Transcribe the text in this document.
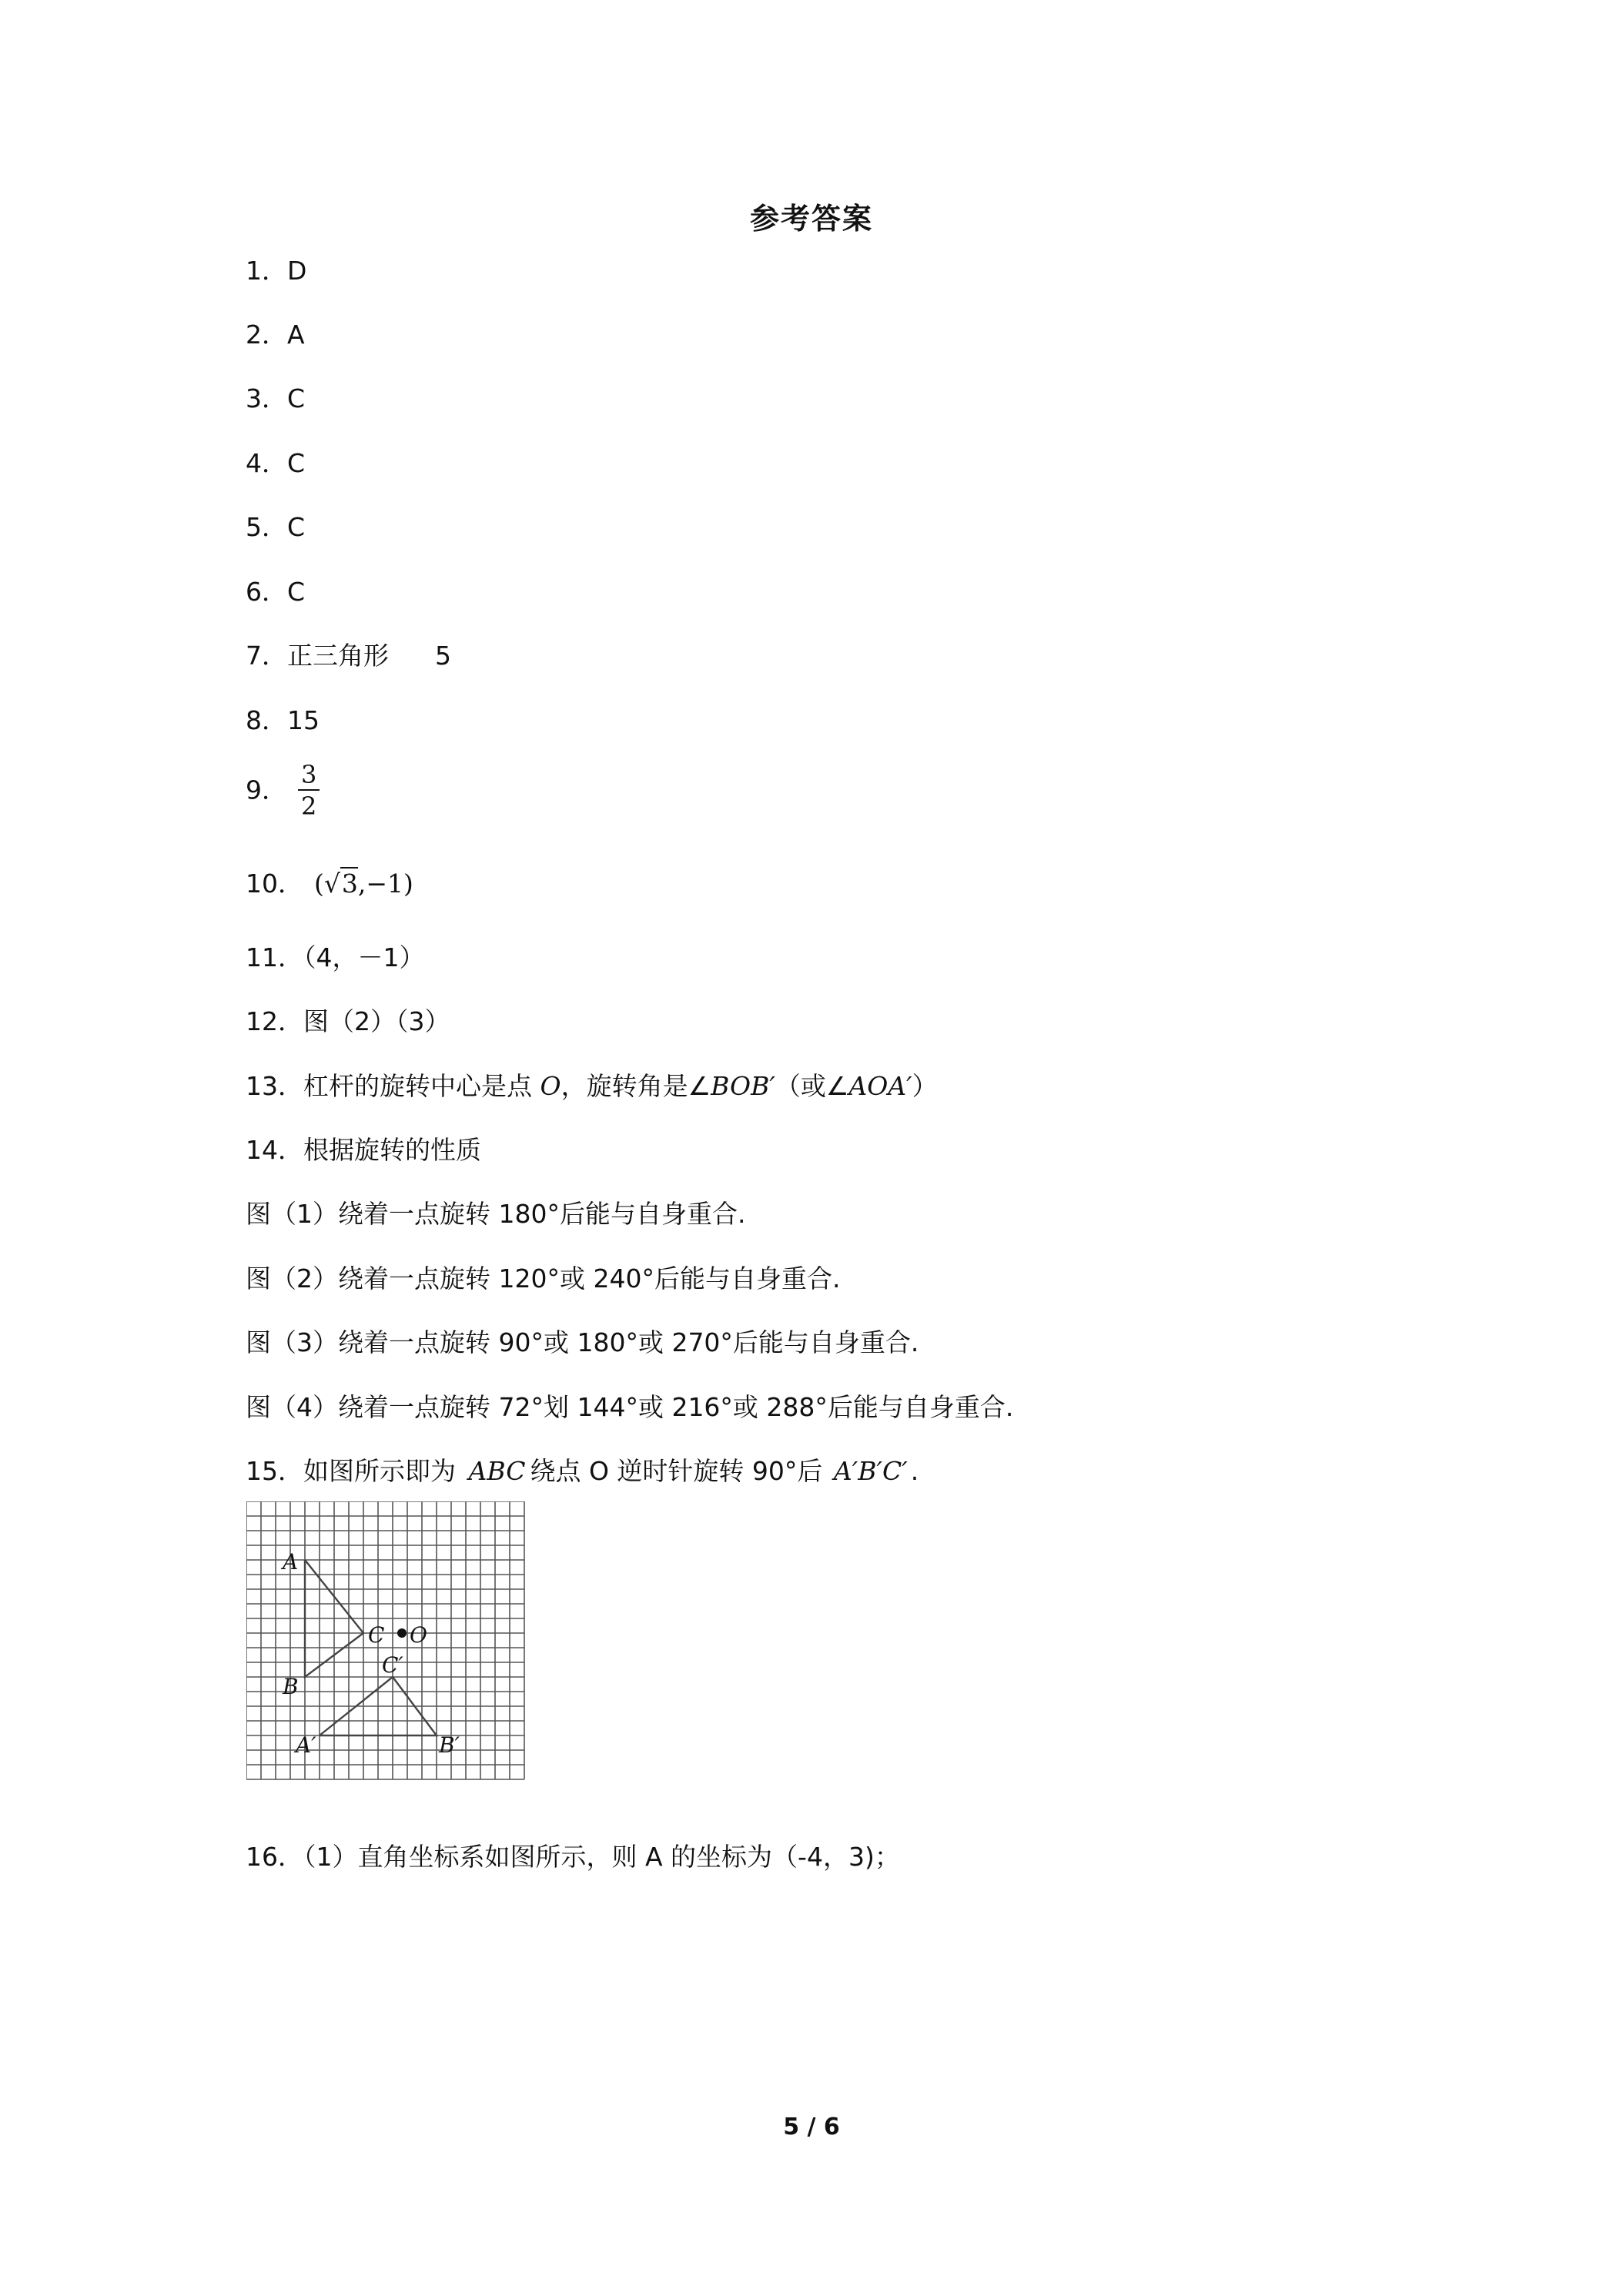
参考答案
1．D
2．A
3．C
4．C
5．C
6．C
7．正三角形 5
8．15
9． $\frac{3}{2}$
10． (√3,−1)
11．（4，－1）
12．图（2）（3）
13．杠杆的旋转中心是点 O，旋转角是∠BOB′（或∠AOA′）
14．根据旋转的性质
图（1）绕着一点旋转 180°后能与自身重合.
图（2）绕着一点旋转 120°或 240°后能与自身重合.
图（3）绕着一点旋转 90°或 180°或 270°后能与自身重合.
图（4）绕着一点旋转 72°划 144°或 216°或 288°后能与自身重合.
15．如图所示即为 ABC 绕点 O 逆时针旋转 90°后 A′B′C′ .
A
B
C O
C′
A′	B′
16．（1）直角坐标系如图所示，则 A 的坐标为（-4，3)；
5 / 6
